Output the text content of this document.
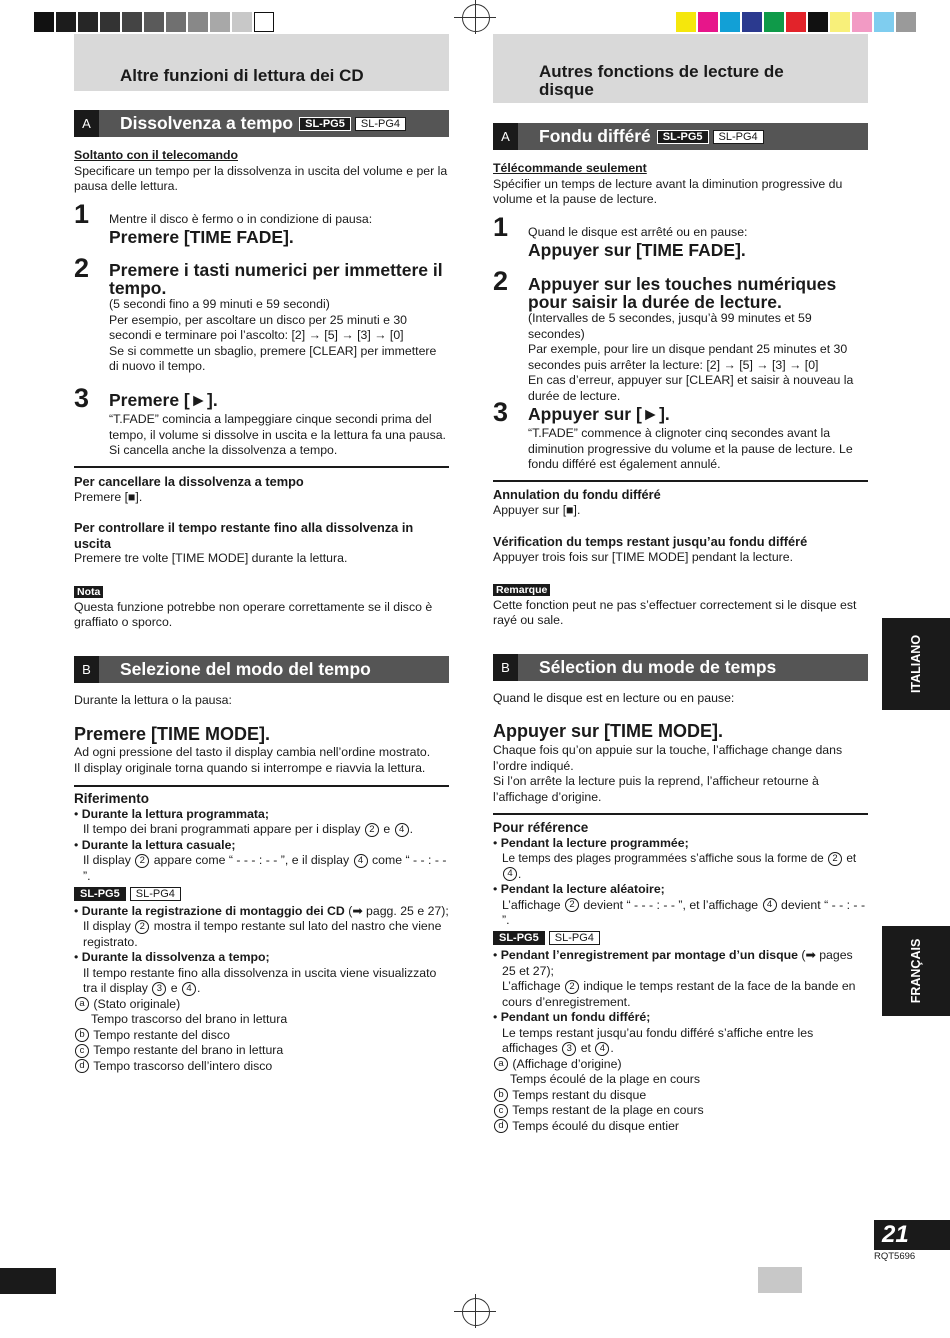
Altre funzioni di lettura dei CD
A	Dissolvenza a tempo SL-PG5 SL-PG4
Soltanto con il telecomando
Specificare un tempo per la dissolvenza in uscita del volume e per la pausa delle lettura.
1 Mentre il disco è fermo o in condizione di pausa:
Premere [TIME FADE].
2 Premere i tasti numerici per immettere il tempo.
(5 secondi fino a 99 minuti e 59 secondi)
Per esempio, per ascoltare un disco per 25 minuti e 30 secondi e terminare poi l’ascolto: [2] → [5] → [3] → [0]
Se si commette un sbaglio, premere [CLEAR] per immettere di nuovo il tempo.
3 Premere [►].
“T.FADE” comincia a lampeggiare cinque secondi prima del tempo, il volume si dissolve in uscita e la lettura fa una pausa. Si cancella anche la dissolvenza a tempo.
Per cancellare la dissolvenza a tempo
Premere [■].
Per controllare il tempo restante fino alla dissolvenza in uscita
Premere tre volte [TIME MODE] durante la lettura.
Nota
Questa funzione potrebbe non operare correttamente se il disco è graffiato o sporco.
B	Selezione del modo del tempo
Durante la lettura o la pausa:
Premere [TIME MODE].
Ad ogni pressione del tasto il display cambia nell’ordine mostrato.
Il display originale torna quando si interrompe e riavvia la lettura.
Riferimento
• Durante la lettura programmata;
Il tempo dei brani programmati appare per i display 2 e 4 .
• Durante la lettura casuale;
Il display 2 appare come “ - - - : - - ”, e il display 4 come “ - - : - - ”.
SL-PG5 SL-PG4
• Durante la registrazione di montaggio dei CD (➡ pagg. 25 e 27);
Il display 2 mostra il tempo restante sul lato del nastro che viene registrato.
• Durante la dissolvenza a tempo;
Il tempo restante fino alla dissolvenza in uscita viene visualizzato tra il display 3 e 4 .
a (Stato originale)
Tempo trascorso del brano in lettura
b Tempo restante del disco
c Tempo restante del brano in lettura
d Tempo trascorso dell’intero disco
Autres fonctions de lecture de disque
A	Fondu différé SL-PG5 SL-PG4
Télécommande seulement
Spécifier un temps de lecture avant la diminution progressive du volume et la pause de lecture.
1 Quand le disque est arrêté ou en pause:
Appuyer sur [TIME FADE].
2 Appuyer sur les touches numériques pour saisir la durée de lecture.
(Intervalles de 5 secondes, jusqu’à 99 minutes et 59 secondes)
Par exemple, pour lire un disque pendant 25 minutes et 30 secondes puis arrêter la lecture: [2] → [5] → [3] → [0]
En cas d’erreur, appuyer sur [CLEAR] et saisir à nouveau la durée de lecture.
3 Appuyer sur [►].
“T.FADE” commence à clignoter cinq secondes avant la diminution progressive du volume et la pause de lecture. Le fondu différé est également annulé.
Annulation du fondu différé
Appuyer sur [■].
Vérification du temps restant jusqu’au fondu différé
Appuyer trois fois sur [TIME MODE] pendant la lecture.
Remarque
Cette fonction peut ne pas s’effectuer correctement si le disque est rayé ou sale.
B	Sélection du mode de temps
Quand le disque est en lecture ou en pause:
Appuyer sur [TIME MODE].
Chaque fois qu’on appuie sur la touche, l’affichage change dans l’ordre indiqué.
Si l’on arrête la lecture puis la reprend, l’afficheur retourne à l’affichage d’origine.
Pour référence
• Pendant la lecture programmée;
Le temps des plages programmées s’affiche sous la forme de 2 et 4 .
• Pendant la lecture aléatoire;
L’affichage 2 devient “ - - - : - - ”, et l’affichage 4 devient “ - - : - - ”.
SL-PG5 SL-PG4
• Pendant l’enregistrement par montage d’un disque (➡ pages 25 et 27);
L’affichage 2 indique le temps restant de la face de la bande en cours d’enregistrement.
• Pendant un fondu différé;
Le temps restant jusqu’au fondu différé s’affiche entre les affichages 3 et 4 .
a (Affichage d’origine)
Temps écoulé de la plage en cours
b Temps restant du disque
c Temps restant de la plage en cours
d Temps écoulé du disque entier
ITALIANO
FRANÇAIS
21
RQT5696
